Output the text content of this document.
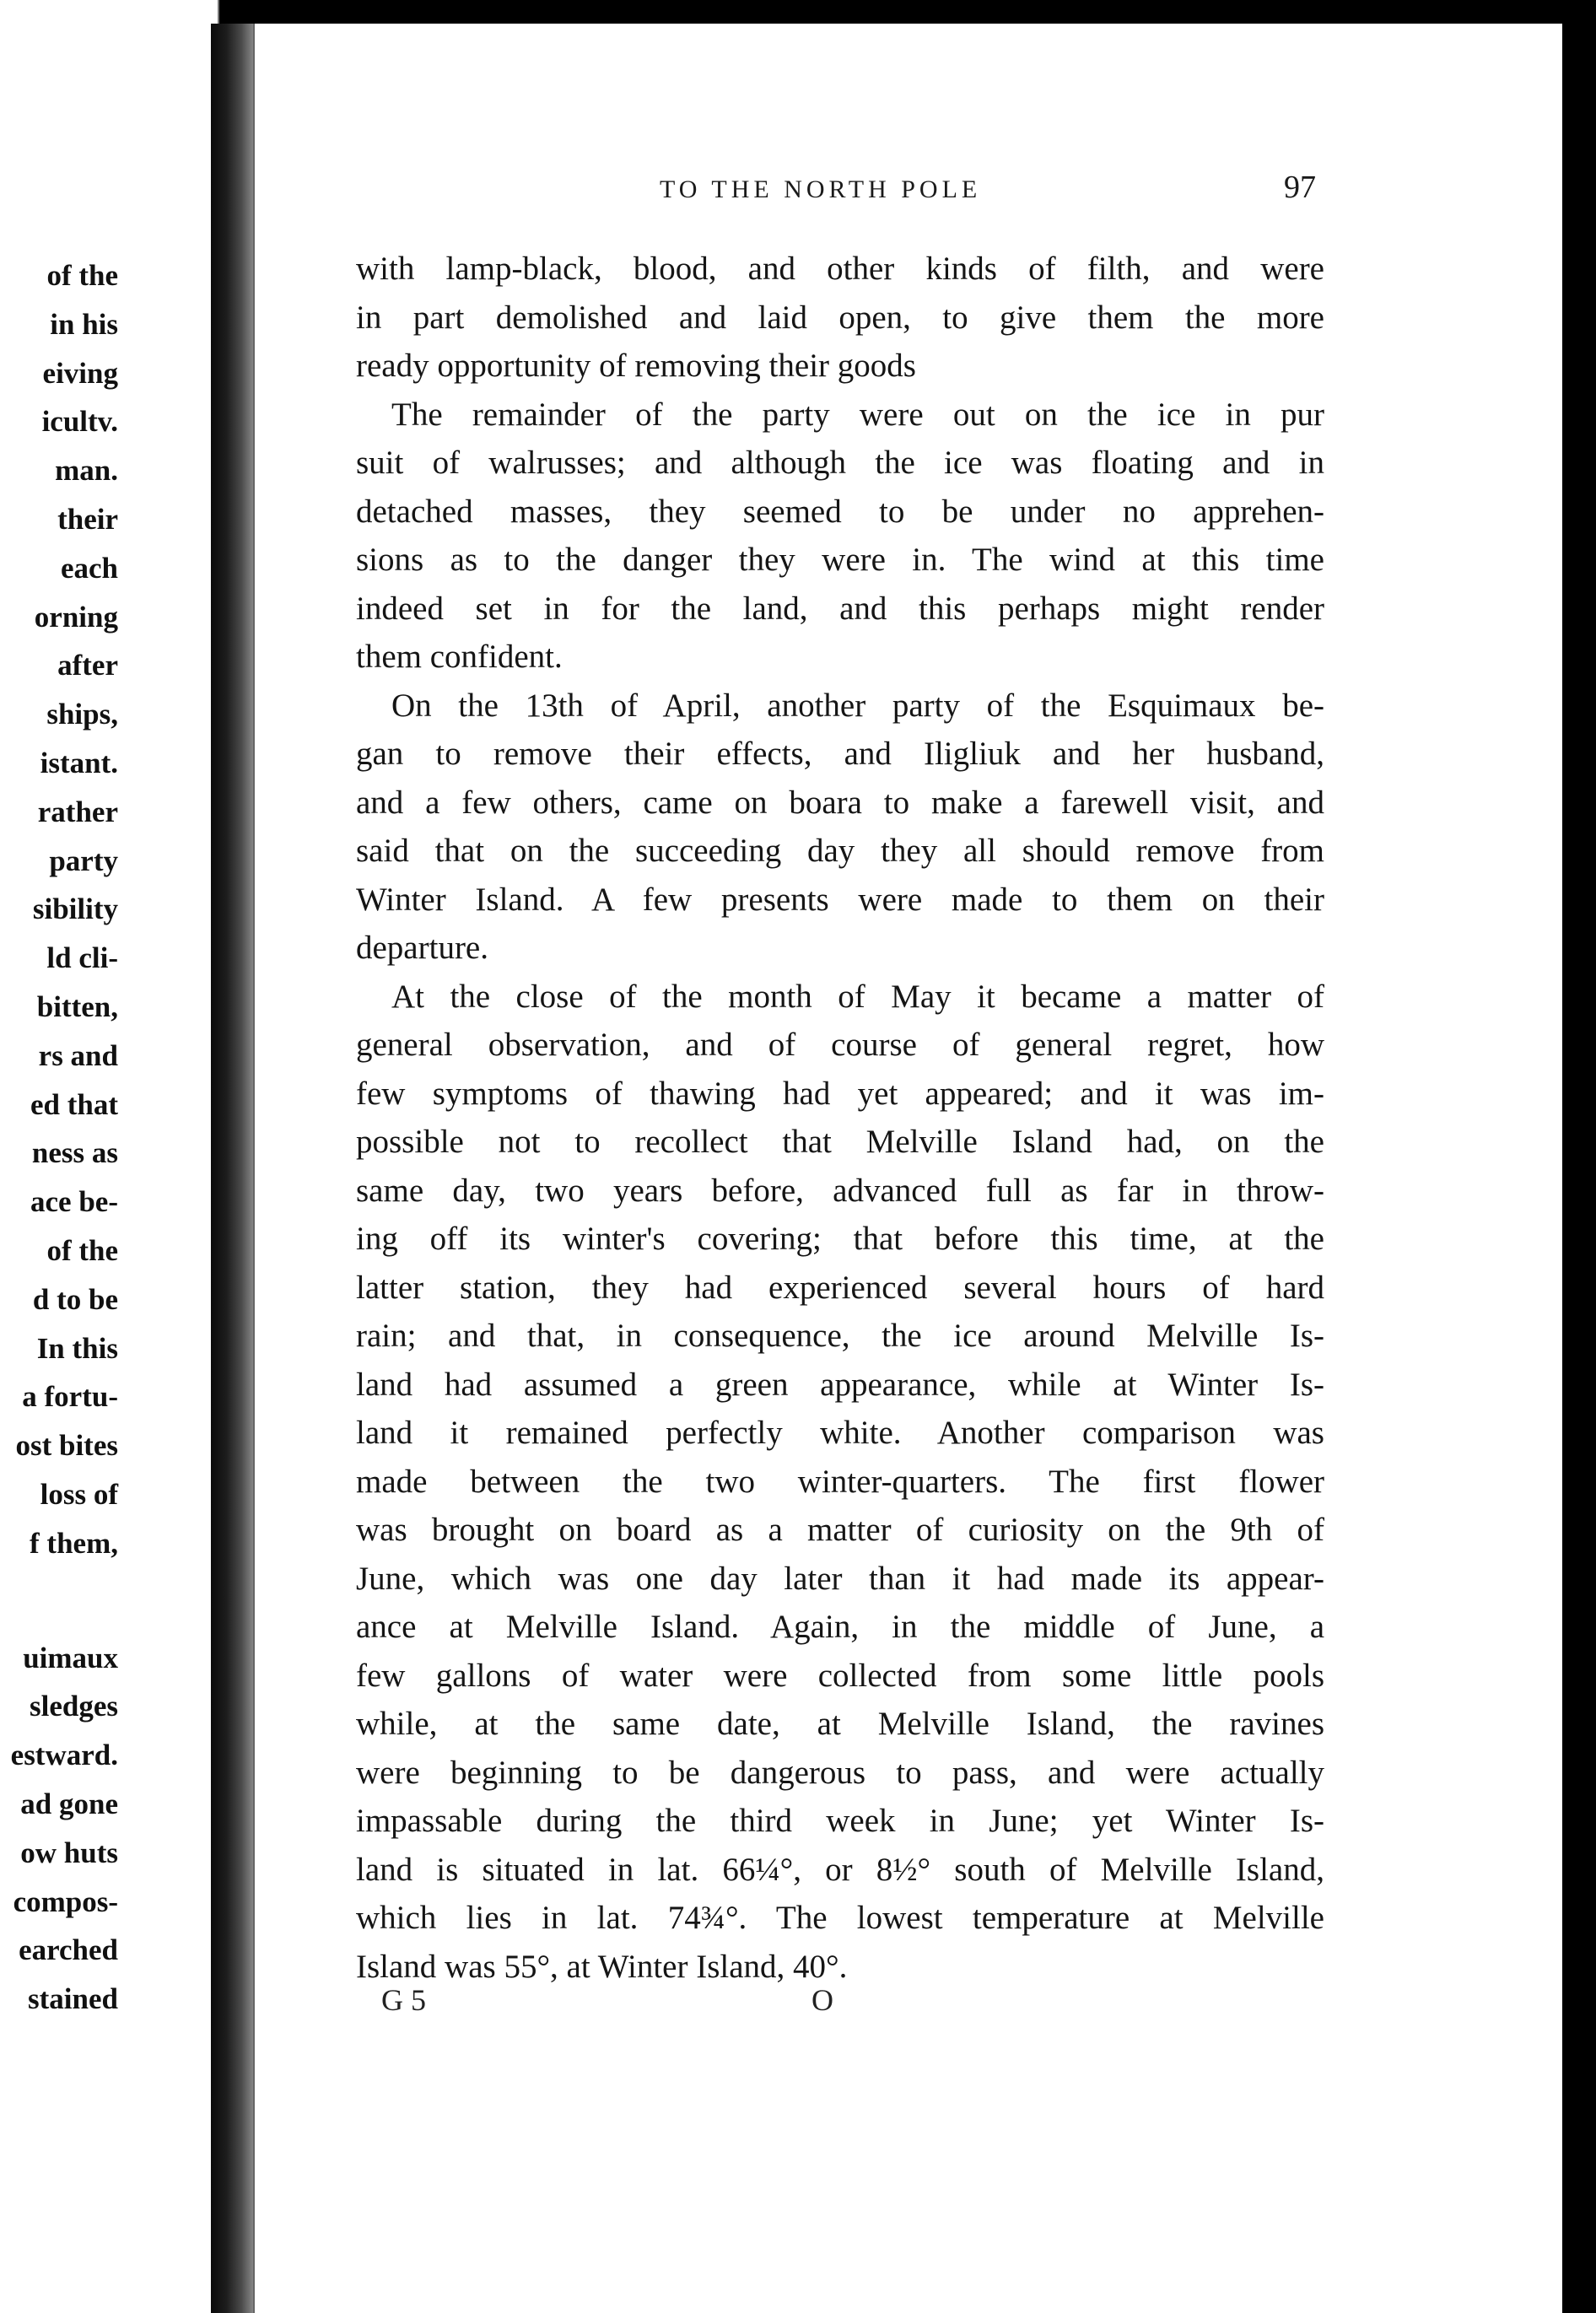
of the
in his
eiving
icultv.
man.
their
each
orning
after
ships,
istant.
rather
party
sibility
ld cli-
bitten,
rs and
ed that
ness as
ace be-
of the
d to be
In this
a fortu-
ost bites
loss of
f them,
uimaux
sledges
estward.
ad gone
ow huts
compos-
earched
stained
TO THE NORTH POLE	97
with lamp-black, blood, and other kinds of filth, and were
in part demolished and laid open, to give them the more
ready opportunity of removing their goods
The remainder of the party were out on the ice in pur
suit of walrusses; and although the ice was floating and in
detached masses, they seemed to be under no apprehen-
sions as to the danger they were in. The wind at this time
indeed set in for the land, and this perhaps might render
them confident.
On the 13th of April, another party of the Esquimaux be-
gan to remove their effects, and Iligliuk and her husband,
and a few others, came on boara to make a farewell visit, and
said that on the succeeding day they all should remove from
Winter Island. A few presents were made to them on their
departure.
At the close of the month of May it became a matter of
general observation, and of course of general regret, how
few symptoms of thawing had yet appeared; and it was im-
possible not to recollect that Melville Island had, on the
same day, two years before, advanced full as far in throw-
ing off its winter's covering; that before this time, at the
latter station, they had experienced several hours of hard
rain; and that, in consequence, the ice around Melville Is-
land had assumed a green appearance, while at Winter Is-
land it remained perfectly white. Another comparison was
made between the two winter-quarters. The first flower
was brought on board as a matter of curiosity on the 9th of
June, which was one day later than it had made its appear-
ance at Melville Island. Again, in the middle of June, a
few gallons of water were collected from some little pools
while, at the same date, at Melville Island, the ravines
were beginning to be dangerous to pass, and were actually
impassable during the third week in June; yet Winter Is-
land is situated in lat. 66¼°, or 8½° south of Melville Island,
which lies in lat. 74¾°. The lowest temperature at Melville
Island was 55°, at Winter Island, 40°.
G 5	O
